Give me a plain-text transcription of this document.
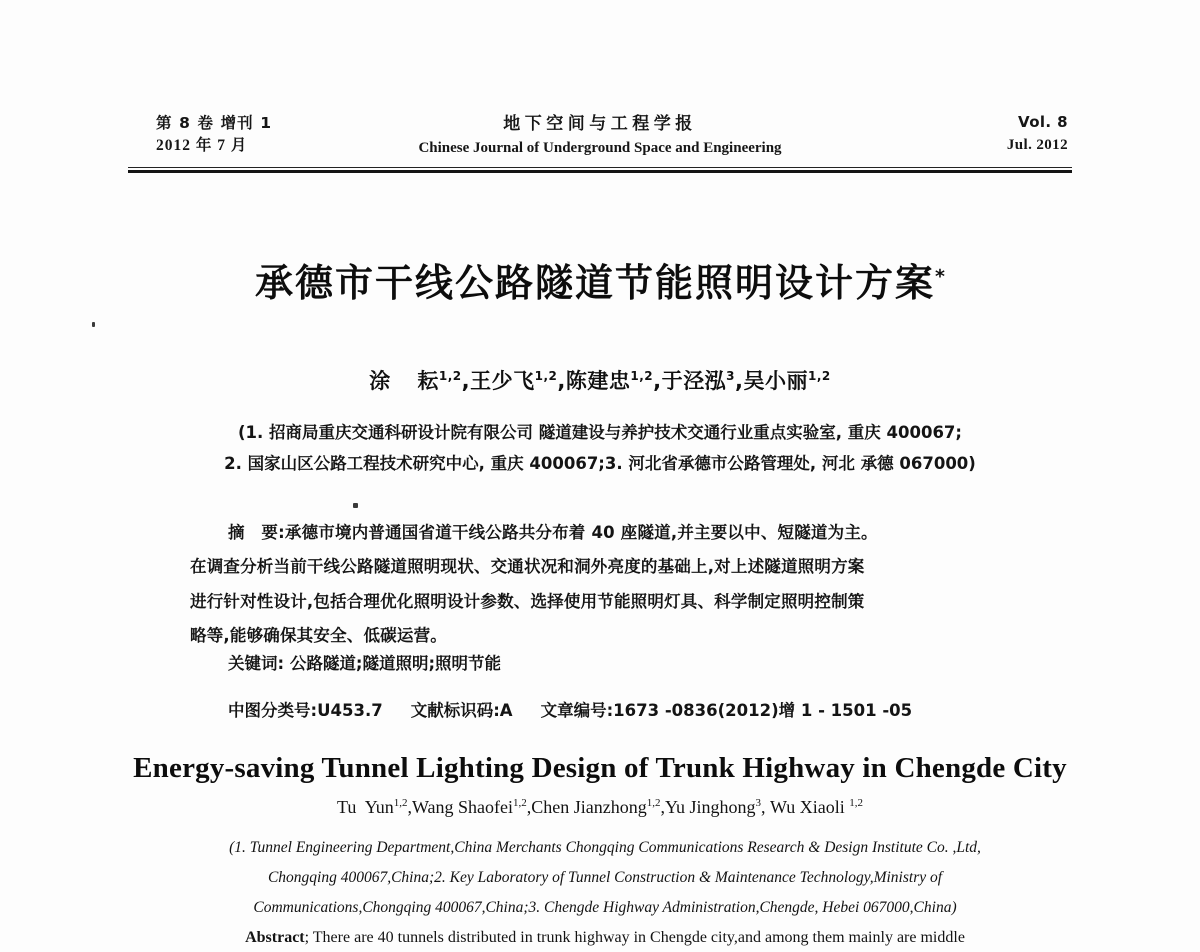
第 8 卷 增刊 1
2012 年 7 月
地下空间与工程学报
Chinese Journal of Underground Space and Engineering
Vol. 8
Jul. 2012
承德市干线公路隧道节能照明设计方案*
涂 耘$^{1,2}$,王少飞$^{1,2}$,陈建忠$^{1,2}$,于泾泓$^3$,吴小丽$^{1,2}$
(1. 招商局重庆交通科研设计院有限公司 隧道建设与养护技术交通行业重点实验室, 重庆 400067;
2. 国家山区公路工程技术研究中心, 重庆 400067;3. 河北省承德市公路管理处, 河北 承德 067000)
摘　要:承德市境内普通国省道干线公路共分布着 40 座隧道,并主要以中、短隧道为主。
在调查分析当前干线公路隧道照明现状、交通状况和洞外亮度的基础上,对上述隧道照明方案
进行针对性设计,包括合理优化照明设计参数、选择使用节能照明灯具、科学制定照明控制策
略等,能够确保其安全、低碳运营。
关键词: 公路隧道;隧道照明;照明节能
中图分类号:U453.7 文献标识码:A 文章编号:1673 -0836(2012)增 1 - 1501 -05
Energy-saving Tunnel Lighting Design of Trunk Highway in Chengde City
Tu  Yun$^{1,2}$,Wang Shaofei$^{1,2}$,Chen Jianzhong$^{1,2}$,Yu Jinghong$^3$, Wu Xiaoli $^{1,2}$
(1. Tunnel Engineering Department,China Merchants Chongqing Communications Research & Design Institute Co. ,Ltd,
Chongqing 400067,China;2. Key Laboratory of Tunnel Construction & Maintenance Technology,Ministry of
Communications,Chongqing 400067,China;3. Chengde Highway Administration,Chengde, Hebei 067000,China)
Abstract; There are 40 tunnels distributed in trunk highway in Chengde city,and among them mainly are middle
